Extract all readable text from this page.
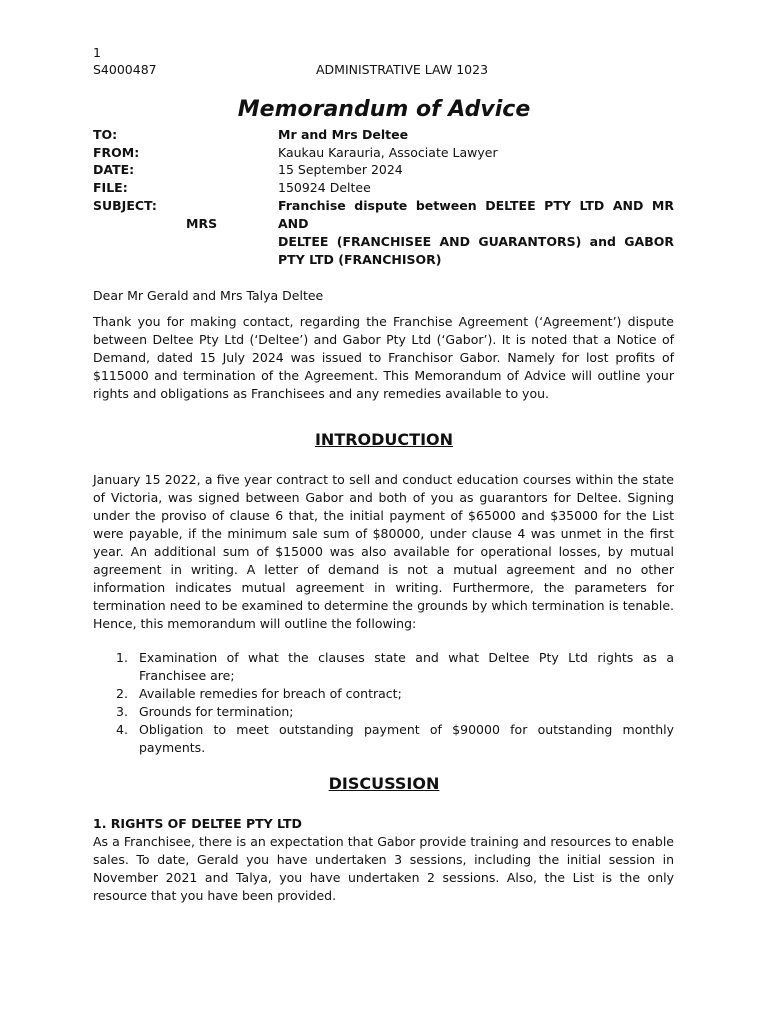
1
S4000487	ADMINISTRATIVE LAW 1023
Memorandum of Advice
TO:	Mr and Mrs Deltee
FROM:	Kaukau Karauria, Associate Lawyer
DATE:	15 September 2024
FILE:	150924 Deltee
SUBJECT:	Franchise dispute between DELTEE PTY LTD AND MR AND
MRS
DELTEE (FRANCHISEE AND GUARANTORS) and GABOR PTY LTD (FRANCHISOR)
Dear Mr Gerald and Mrs Talya Deltee

Thank you for making contact, regarding the Franchise Agreement (‘Agreement’) dispute between Deltee Pty Ltd (‘Deltee’) and Gabor Pty Ltd (‘Gabor’). It is noted that a Notice of Demand, dated 15 July 2024 was issued to Franchisor Gabor. Namely for lost profits of $115000 and termination of the Agreement. This Memorandum of Advice will outline your rights and obligations as Franchisees and any remedies available to you.

INTRODUCTION

January 15 2022, a five year contract to sell and conduct education courses within the state of Victoria, was signed between Gabor and both of you as guarantors for Deltee. Signing under the proviso of clause 6 that, the initial payment of $65000 and $35000 for the List were payable, if the minimum sale sum of $80000, under clause 4 was unmet in the first year. An additional sum of $15000 was also available for operational losses, by mutual agreement in writing. A letter of demand is not a mutual agreement and no other information indicates mutual agreement in writing. Furthermore, the parameters for termination need to be examined to determine the grounds by which termination is tenable. Hence, this memorandum will outline the following:

1. Examination of what the clauses state and what Deltee Pty Ltd rights as a Franchisee are;
2. Available remedies for breach of contract;
3. Grounds for termination;
4. Obligation to meet outstanding payment of $90000 for outstanding monthly payments.
DISCUSSION
1. RIGHTS OF DELTEE PTY LTD

As a Franchisee, there is an expectation that Gabor provide training and resources to enable sales. To date, Gerald you have undertaken 3 sessions, including the initial session in November 2021 and Talya, you have undertaken 2 sessions. Also, the List is the only resource that you have been provided.
